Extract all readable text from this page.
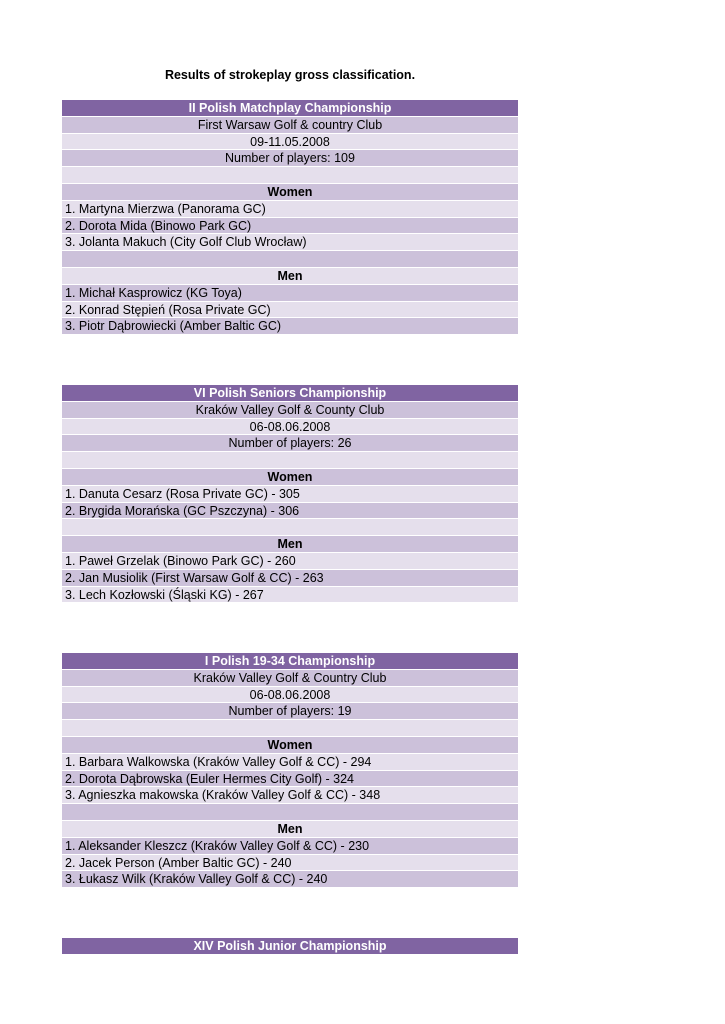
Results of strokeplay gross classification.
II Polish Matchplay Championship
First Warsaw Golf & country Club
09-11.05.2008
Number of players: 109
Women
1. Martyna Mierzwa (Panorama GC)
2. Dorota Mida (Binowo Park GC)
3. Jolanta Makuch (City Golf Club Wrocław)
Men
1. Michał Kasprowicz (KG Toya)
2. Konrad Stępień (Rosa Private GC)
3. Piotr Dąbrowiecki (Amber Baltic GC)
VI Polish Seniors Championship
Kraków Valley Golf & County Club
06-08.06.2008
Number of players: 26
Women
1. Danuta Cesarz (Rosa Private GC) - 305
2. Brygida Morańska (GC Pszczyna) - 306
Men
1. Paweł Grzelak (Binowo Park GC) - 260
2. Jan Musiolik (First Warsaw Golf & CC) - 263
3. Lech Kozłowski (Śląski KG) - 267
I Polish 19-34 Championship
Kraków Valley Golf & Country Club
06-08.06.2008
Number of players: 19
Women
1. Barbara Walkowska (Kraków Valley Golf & CC) - 294
2. Dorota Dąbrowska (Euler Hermes City Golf) - 324
3. Agnieszka makowska (Kraków Valley Golf & CC) - 348
Men
1. Aleksander Kleszcz (Kraków Valley Golf & CC) - 230
2. Jacek Person (Amber Baltic GC) - 240
3. Łukasz Wilk (Kraków Valley Golf & CC) - 240
XIV Polish Junior Championship
